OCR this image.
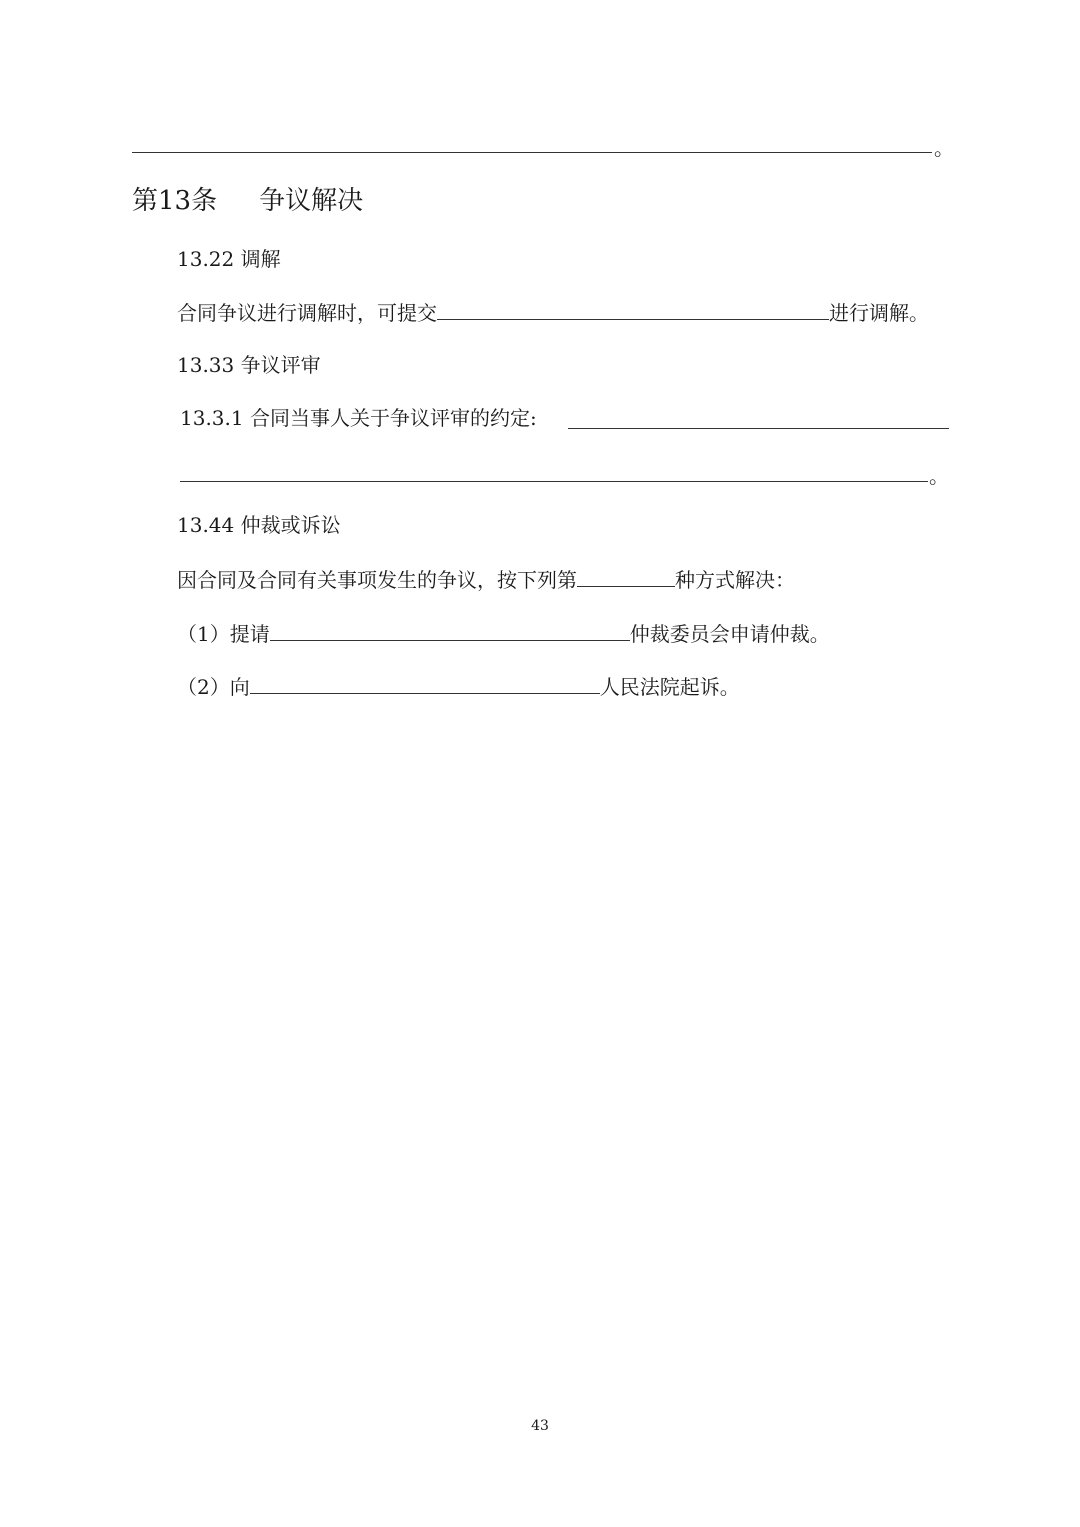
。
第13条 争议解决
13.22 调解
合同争议进行调解时，可提交	进行调解。
13.33 争议评审
13.3.1 合同当事人关于争议评审的约定:
。
13.44 仲裁或诉讼
因合同及合同有关事项发生的争议，按下列第	种方式解决：
（1）提请	仲裁委员会申请仲裁。
（2）向	人民法院起诉。
43
